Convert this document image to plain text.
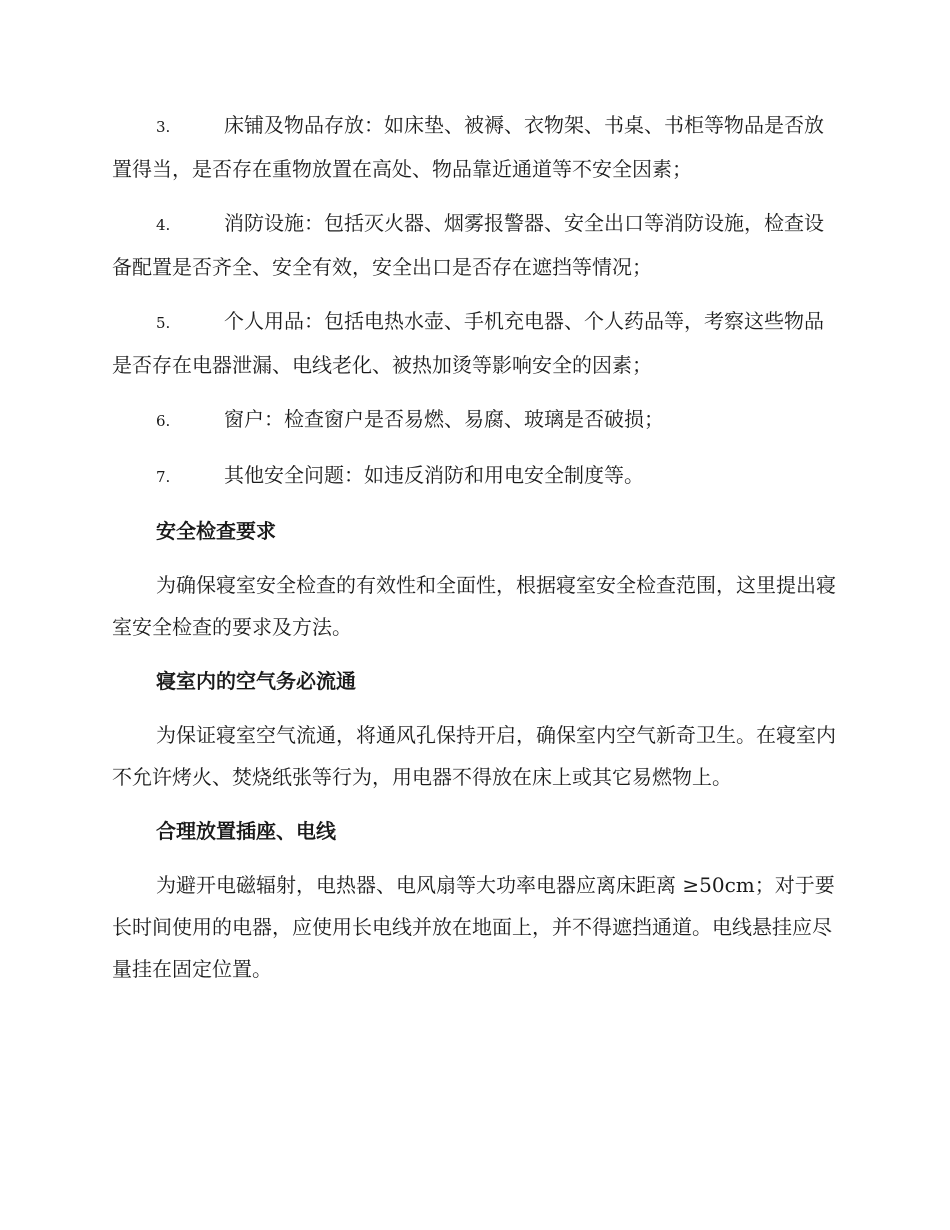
3.	床铺及物品存放：如床垫、被褥、衣物架、书桌、书柜等物品是否放置得当，是否存在重物放置在高处、物品靠近通道等不安全因素；
4.	消防设施：包括灭火器、烟雾报警器、安全出口等消防设施，检查设备配置是否齐全、安全有效，安全出口是否存在遮挡等情况；
5.	个人用品：包括电热水壶、手机充电器、个人药品等，考察这些物品是否存在电器泄漏、电线老化、被热加烫等影响安全的因素；
6.	窗户：检查窗户是否易燃、易腐、玻璃是否破损；
7.	其他安全问题：如违反消防和用电安全制度等。
安全检查要求
为确保寝室安全检查的有效性和全面性，根据寝室安全检查范围，这里提出寝室安全检查的要求及方法。
寝室内的空气务必流通
为保证寝室空气流通，将通风孔保持开启，确保室内空气新奇卫生。在寝室内不允许烤火、焚烧纸张等行为，用电器不得放在床上或其它易燃物上。
合理放置插座、电线
为避开电磁辐射，电热器、电风扇等大功率电器应离床距离 ≥50cm；对于要长时间使用的电器，应使用长电线并放在地面上，并不得遮挡通道。电线悬挂应尽量挂在固定位置。
